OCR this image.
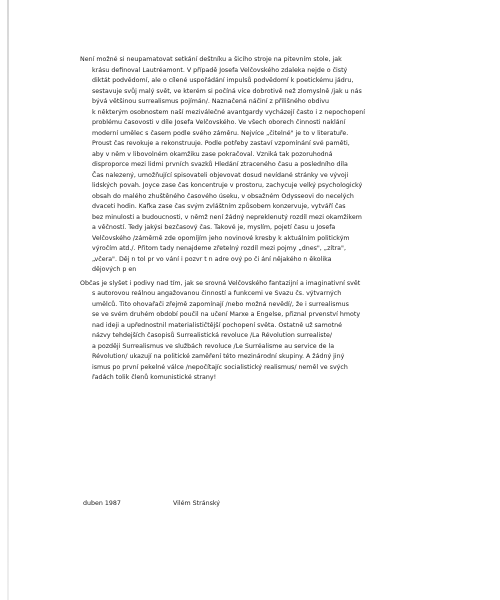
Není možné si neupamatovat setkání deštníku a šicího stroje na pitevním stole, jak
krásu definoval Lautréamont. V případě Josefa Velčovského zdaleka nejde o čistý
diktát podvědomí, ale o cílené uspořádání impulsů podvědomí k poetickému jádru,
sestavuje svůj malý svět, ve kterém si počíná více dobrotivě než zlomyslně /jak u nás
bývá většinou surrealismus pojímán/. Naznačená náčiní z přilišného obdivu
k některým osobnostem naší meziválečné avantgardy vycházejí často i z nepochopení
problému časovosti v díle Josefa Velčovského. Ve všech oborech činnosti naklání
moderní umělec s časem podle svého záměru. Nejvíce „čitelné" je to v literatuře.
Proust čas revokuje a rekonstruuje. Podle potřeby zastaví vzpomínání své paměti,
aby v něm v libovolném okamžiku zase pokračoval. Vzniká tak pozoruhodná
disproporce mezi lidmi prvních svazků Hledání ztraceného času a posledního díla
Čas nalezený, umožňující spisovateli objevovat dosud nevídané stránky ve vývoji
lidských povah. Joyce zase čas koncentruje v prostoru, zachycuje velký psychologický
obsah do malého zhuštěného časového úseku, v obsažném Odysseovi do necelých
dvaceti hodin. Kafka zase čas svým zvláštním způsobem konzervuje, vytváří čas
bez minulosti a budoucnosti, v němž není žádný nepreklenutý rozdíl mezi okamžikem
a věčností. Tedy jakýsi bezčasový čas. Takové je, myslím, pojetí času u Josefa
Velčovského /záměrně zde opomíjím jeho novinové kresby k aktuálním politickým
výročím atd./. Přitom tady nenajdeme zřetelný rozdíl mezi pojmy „dnes", „zítra",
„včera". Děj n tol pr vo vání i pozvr t n adre ový po či ání nějakého n ěkolika
dějových p en

Občas je slyšet i podivy nad tím, jak se srovná Velčovského fantazijní a imaginativní svět
s autorovou reálnou angažovanou činností a funkcemi ve Svazu čs. výtvarných
umělců. Tito ohovařači zřejmě zapomínají /nebo možná nevědí/, že i surrealismus
se ve svém druhém období poučil na učení Marxe a Engelse, přiznal prvenství hmoty
nad ideji a upřednostnil materialističtější pochopení světa. Ostatně už samotné
názvy tehdejších časopisů Surrealistická revoluce /La Révolution surrealiste/
a později Surrealismus ve službách revoluce /Le Surréalisme au service de la
Révolution/ ukazují na politické zaměření této mezinárodní skupiny. A žádný jiný
ismus po první pekelné válce /nepočítajíc socialistický realismus/ neměl ve svých
řadách tolik členů komunistické strany!

duben 1987	Vilém Stránský
